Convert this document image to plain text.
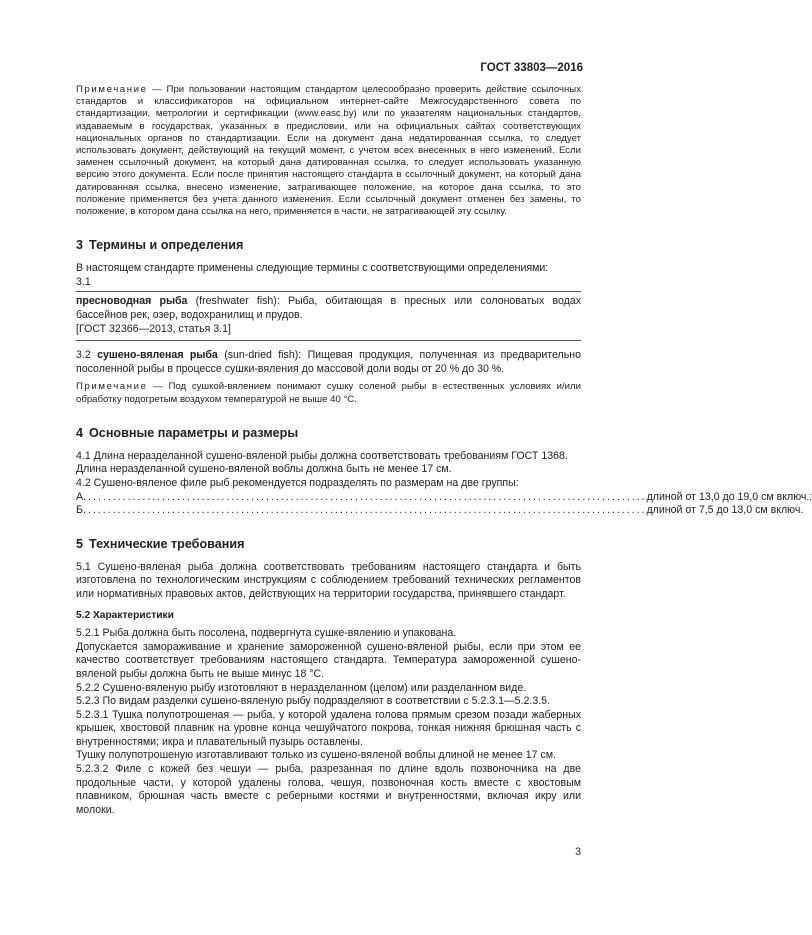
ГОСТ 33803—2016
Примечание — При пользовании настоящим стандартом целесообразно проверить действие ссылочных стандартов и классификаторов на официальном интернет-сайте Межгосударственного совета по стандартизации, метрологии и сертификации (www.easc.by) или по указателям национальных стандартов, издаваемым в государствах, указанных в предисловии, или на официальных сайтах соответствующих национальных органов по стандартизации. Если на документ дана недатированная ссылка, то следует использовать документ, действующий на текущий момент, с учетом всех внесенных в него изменений. Если заменен ссылочный документ, на который дана датированная ссылка, то следует использовать указанную версию этого документа. Если после принятия настоящего стандарта в ссылочный документ, на который дана датированная ссылка, внесено изменение, затрагивающее положение, на которое дана ссылка, то это положение применяется без учета данного изменения. Если ссылочный документ отменен без замены, то положение, в котором дана ссылка на него, применяется в части, не затрагивающей эту ссылку.
3 Термины и определения

В настоящем стандарте применены следующие термины с соответствующими определениями:

3.1

пресноводная рыба (freshwater fish): Рыба, обитающая в пресных или солоноватых водах бассейнов рек, озер, водохранилищ и прудов.

[ГОСТ 32366—2013, статья 3.1]

3.2 сушено-вяленая рыба (sun-dried fish): Пищевая продукция, полученная из предварительно посоленной рыбы в процессе сушки-вяления до массовой доли воды от 20 % до 30 %.

Примечание — Под сушкой-вялением понимают сушку соленой рыбы в естественных условиях и/или обработку подогретым воздухом температурой не выше 40 °С.
4 Основные параметры и размеры

4.1 Длина неразделанной сушено-вяленой рыбы должна соответствовать требованиям ГОСТ 1368.

Длина неразделанной сушено-вяленой воблы должна быть не менее 17 см.

4.2 Сушено-вяленое филе рыб рекомендуется подразделять по размерам на две группы:

А .................................................................................................................. длиной от 13,0 до 19,0 см включ.;
Б .................................................................................................................. длиной от 7,5 до 13,0 см включ.
5 Технические требования

5.1 Сушено-вяленая рыба должна соответствовать требованиям настоящего стандарта и быть изготовлена по технологическим инструкциям с соблюдением требований технических регламентов или нормативных правовых актов, действующих на территории государства, принявшего стандарт.

5.2 Характеристики

5.2.1 Рыба должна быть посолена, подвергнута сушке-вялению и упакована.

Допускается замораживание и хранение замороженной сушено-вяленой рыбы, если при этом ее качество соответствует требованиям настоящего стандарта. Температура замороженной сушено-вяленой рыбы должна быть не выше минус 18 °С.

5.2.2 Сушено-вяленую рыбу изготовляют в неразделанном (целом) или разделанном виде.

5.2.3 По видам разделки сушено-вяленую рыбу подразделяют в соответствии с 5.2.3.1—5.2.3.5.

5.2.3.1 Тушка полупотрошеная — рыба, у которой удалена голова прямым срезом позади жаберных крышек, хвостовой плавник на уровне конца чешуйчатого покрова, тонкая нижняя брюшная часть с внутренностями; икра и плавательный пузырь оставлены.

Тушку полупотрошеную изготавливают только из сушено-вяленой воблы длиной не менее 17 см.

5.2.3.2 Филе с кожей без чешуи — рыба, разрезанная по длине вдоль позвоночника на две продольные части, у которой удалены голова, чешуя, позвоночная кость вместе с хвостовым плавником, брюшная часть вместе с реберными костями и внутренностями, включая икру или молоки.

3
